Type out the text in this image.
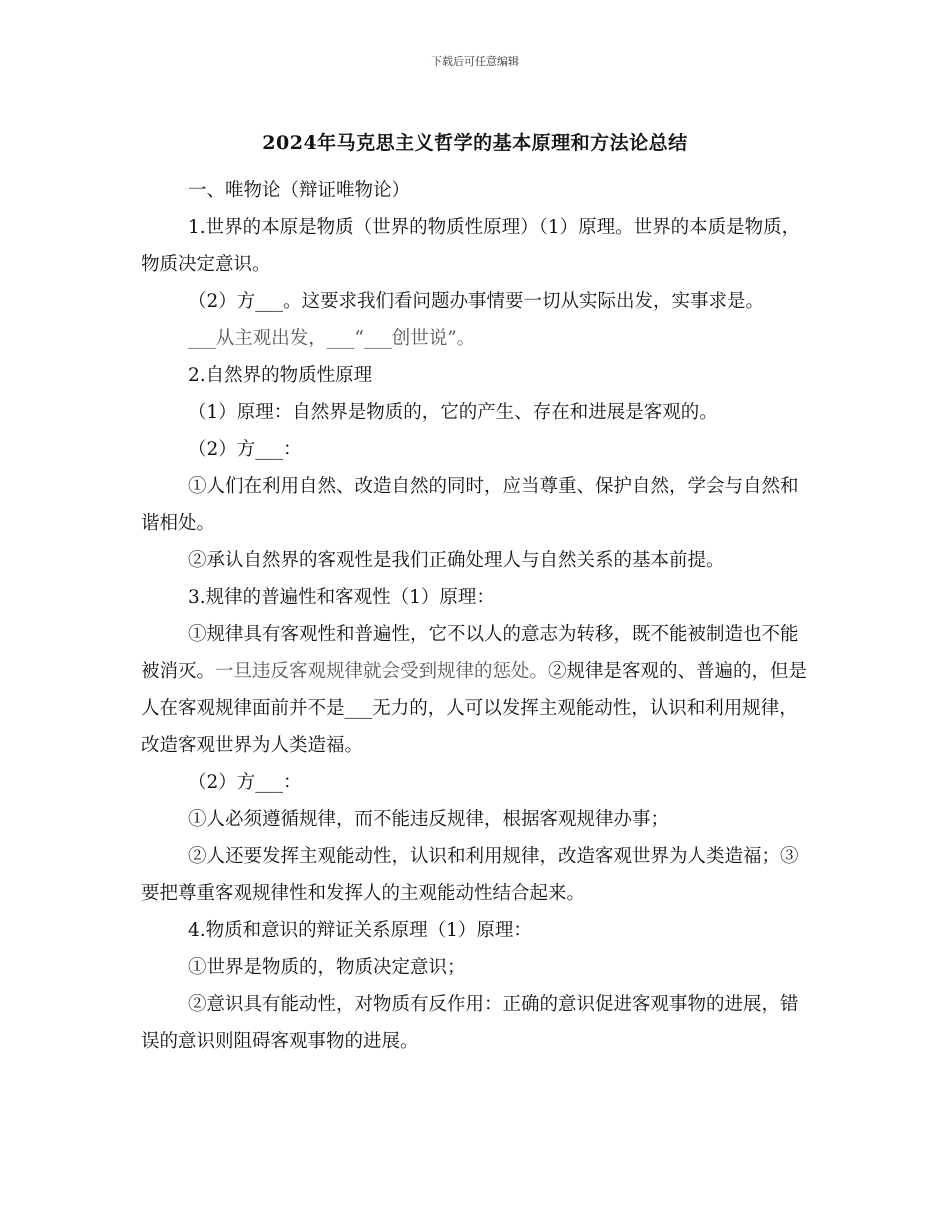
下载后可任意编辑
2024年马克思主义哲学的基本原理和方法论总结

一、唯物论（辩证唯物论）

1.世界的本原是物质（世界的物质性原理）（1）原理。世界的本质是物质，物质决定意识。

（2）方___。这要求我们看问题办事情要一切从实际出发，实事求是。

___从主观出发，___“___创世说”。

2.自然界的物质性原理

（1）原理：自然界是物质的，它的产生、存在和进展是客观的。

（2）方___：

①人们在利用自然、改造自然的同时，应当尊重、保护自然，学会与自然和谐相处。

②承认自然界的客观性是我们正确处理人与自然关系的基本前提。

3.规律的普遍性和客观性（1）原理：

①规律具有客观性和普遍性，它不以人的意志为转移，既不能被制造也不能被消灭。一旦违反客观规律就会受到规律的惩处。②规律是客观的、普遍的，但是人在客观规律面前并不是___无力的，人可以发挥主观能动性，认识和利用规律，改造客观世界为人类造福。

（2）方___：

①人必须遵循规律，而不能违反规律，根据客观规律办事；

②人还要发挥主观能动性，认识和利用规律，改造客观世界为人类造福；③要把尊重客观规律性和发挥人的主观能动性结合起来。

4.物质和意识的辩证关系原理（1）原理：

①世界是物质的，物质决定意识；

②意识具有能动性，对物质有反作用：正确的意识促进客观事物的进展，错误的意识则阻碍客观事物的进展。
